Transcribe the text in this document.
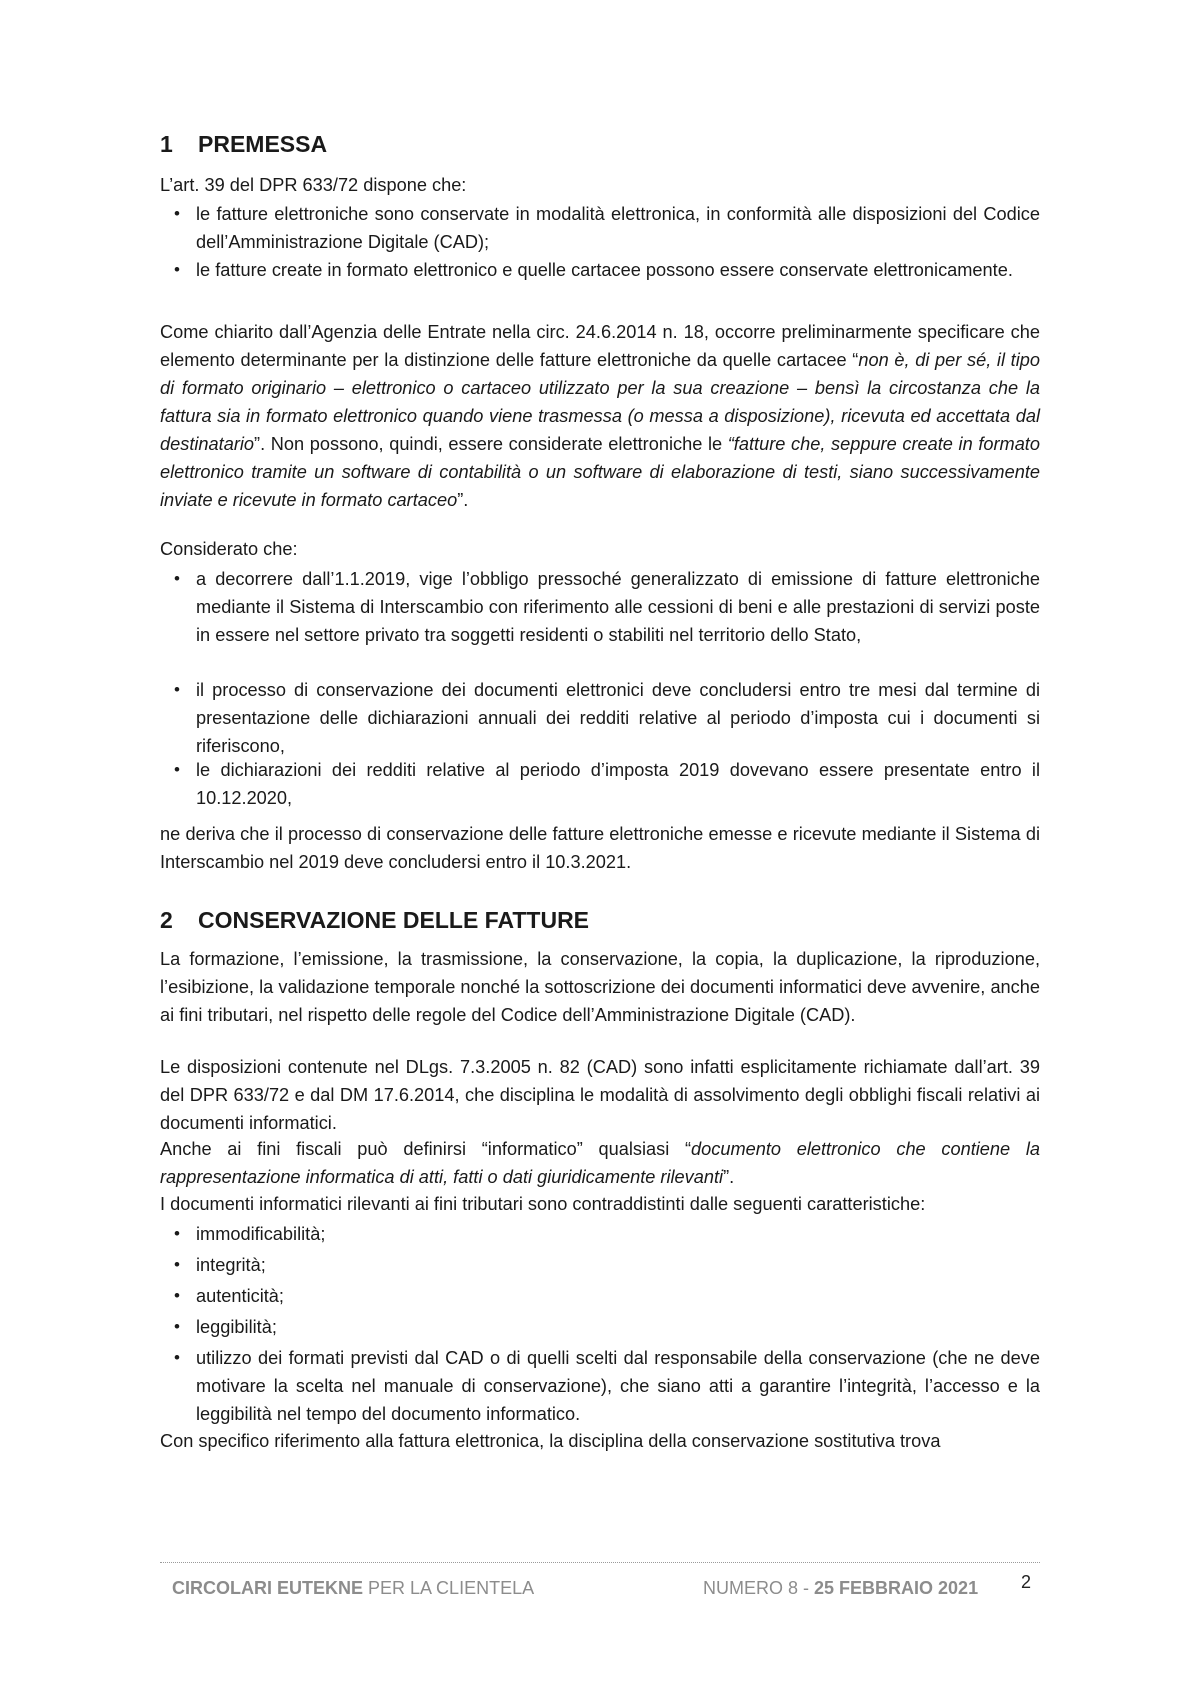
1 PREMESSA
L’art. 39 del DPR 633/72 dispone che:
• le fatture elettroniche sono conservate in modalità elettronica, in conformità alle disposizioni del Codice dell’Amministrazione Digitale (CAD);
• le fatture create in formato elettronico e quelle cartacee possono essere conservate elettronicamente.
Come chiarito dall’Agenzia delle Entrate nella circ. 24.6.2014 n. 18, occorre preliminarmente specificare che elemento determinante per la distinzione delle fatture elettroniche da quelle cartacee “non è, di per sé, il tipo di formato originario – elettronico o cartaceo utilizzato per la sua creazione – bensì la circostanza che la fattura sia in formato elettronico quando viene trasmessa (o messa a disposizione), ricevuta ed accettata dal destinatario”. Non possono, quindi, essere considerate elettroniche le “fatture che, seppure create in formato elettronico tramite un software di contabilità o un software di elaborazione di testi, siano successivamente inviate e ricevute in formato cartaceo”.
Considerato che:
• a decorrere dall’1.1.2019, vige l’obbligo pressoché generalizzato di emissione di fatture elettroniche mediante il Sistema di Interscambio con riferimento alle cessioni di beni e alle prestazioni di servizi poste in essere nel settore privato tra soggetti residenti o stabiliti nel territorio dello Stato,
• il processo di conservazione dei documenti elettronici deve concludersi entro tre mesi dal termine di presentazione delle dichiarazioni annuali dei redditi relative al periodo d’imposta cui i documenti si riferiscono,
• le dichiarazioni dei redditi relative al periodo d’imposta 2019 dovevano essere presentate entro il 10.12.2020,
ne deriva che il processo di conservazione delle fatture elettroniche emesse e ricevute mediante il Sistema di Interscambio nel 2019 deve concludersi entro il 10.3.2021.
2 CONSERVAZIONE DELLE FATTURE
La formazione, l’emissione, la trasmissione, la conservazione, la copia, la duplicazione, la riproduzione, l’esibizione, la validazione temporale nonché la sottoscrizione dei documenti informatici deve avvenire, anche ai fini tributari, nel rispetto delle regole del Codice dell’Amministrazione Digitale (CAD).
Le disposizioni contenute nel DLgs. 7.3.2005 n. 82 (CAD) sono infatti esplicitamente richiamate dall’art. 39 del DPR 633/72 e dal DM 17.6.2014, che disciplina le modalità di assolvimento degli obblighi fiscali relativi ai documenti informatici.
Anche ai fini fiscali può definirsi “informatico” qualsiasi “documento elettronico che contiene la rappresentazione informatica di atti, fatti o dati giuridicamente rilevanti”.
I documenti informatici rilevanti ai fini tributari sono contraddistinti dalle seguenti caratteristiche:
• immodificabilità;
• integrità;
• autenticità;
• leggibilità;
• utilizzo dei formati previsti dal CAD o di quelli scelti dal responsabile della conservazione (che ne deve motivare la scelta nel manuale di conservazione), che siano atti a garantire l’integrità, l’accesso e la leggibilità nel tempo del documento informatico.
Con specifico riferimento alla fattura elettronica, la disciplina della conservazione sostitutiva trova
CIRCOLARI EUTEKNE PER LA CLIENTELA	NUMERO 8 - 25 FEBBRAIO 2021 2
